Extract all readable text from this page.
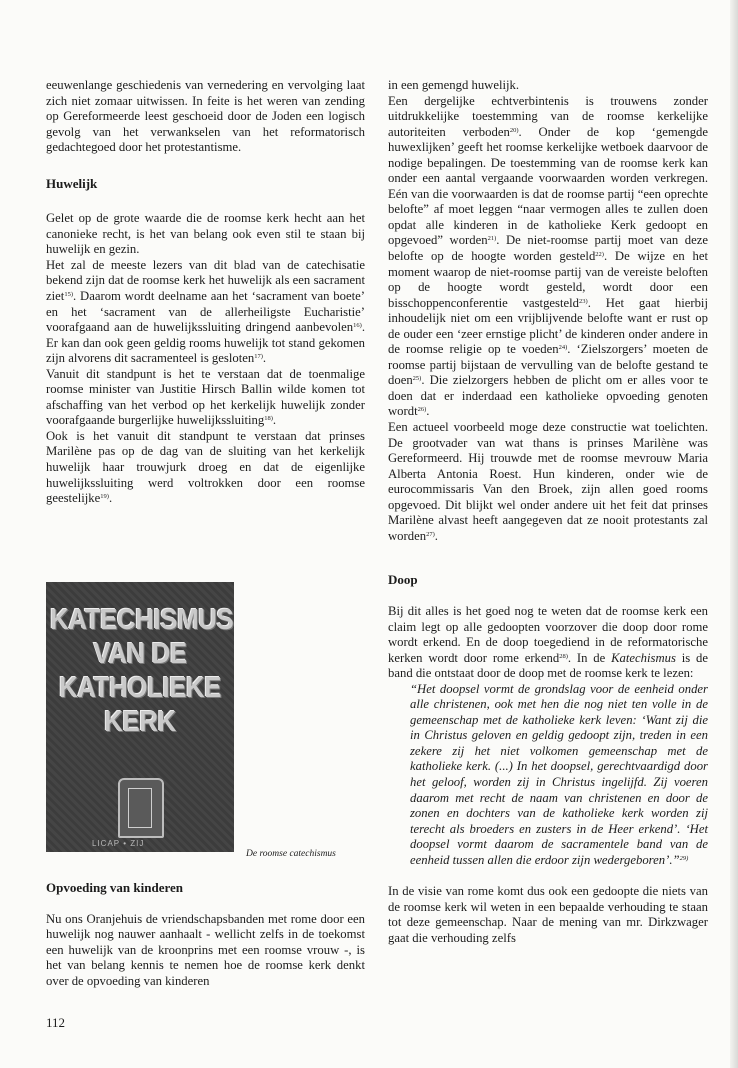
eeuwenlange geschiedenis van vernedering en vervolging laat zich niet zomaar uitwissen. In feite is het weren van zending op Gereformeerde leest geschoeid door de Joden een logisch gevolg van het verwankselen van het reformatorisch gedachtegoed door het protestantisme.

Huwelijk

Gelet op de grote waarde die de roomse kerk hecht aan het canonieke recht, is het van belang ook even stil te staan bij huwelijk en gezin.

Het zal de meeste lezers van dit blad van de catechisatie bekend zijn dat de roomse kerk het huwelijk als een sacrament ziet$^{15)}$. Daarom wordt deelname aan het ‘sacrament van boete’ en het ‘sacrament van de allerheiligste Eucharistie’ voorafgaand aan de huwelijkssluiting dringend aanbevolen$^{16)}$. Er kan dan ook geen geldig rooms huwelijk tot stand gekomen zijn alvorens dit sacramenteel is gesloten$^{17)}$.

Vanuit dit standpunt is het te verstaan dat de toenmalige roomse minister van Justitie Hirsch Ballin wilde komen tot afschaffing van het verbod op het kerkelijk huwelijk zonder voorafgaande burgerlijke huwelijkssluiting$^{18)}$.

Ook is het vanuit dit standpunt te verstaan dat prinses Marilène pas op de dag van de sluiting van het kerkelijk huwelijk haar trouwjurk droeg en dat de eigenlijke huwelijkssluiting werd voltrokken door een roomse geestelijke$^{19)}$.

KATECHISMUS
VAN DE
KATHOLIEKE
KERK
LICAP • ZIJ
De roomse catechismus
Opvoeding van kinderen

Nu ons Oranjehuis de vriendschapsbanden met rome door een huwelijk nog nauwer aanhaalt - wellicht zelfs in de toekomst een huwelijk van de kroonprins met een roomse vrouw -, is het van belang kennis te nemen hoe de roomse kerk denkt over de opvoeding van kinderen

in een gemengd huwelijk.

Een dergelijke echtverbintenis is trouwens zonder uitdrukkelijke toestemming van de roomse kerkelijke autoriteiten verboden$^{20)}$. Onder de kop ‘gemengde huwexlijken’ geeft het roomse kerkelijke wetboek daarvoor de nodige bepalingen. De toestemming van de roomse kerk kan onder een aantal vergaande voorwaarden worden verkregen. Eén van die voorwaarden is dat de roomse partij “een oprechte belofte” af moet leggen “naar vermogen alles te zullen doen opdat alle kinderen in de katholieke Kerk gedoopt en opgevoed” worden$^{21)}$. De niet-roomse partij moet van deze belofte op de hoogte worden gesteld$^{22)}$. De wijze en het moment waarop de niet-roomse partij van de vereiste beloften op de hoogte wordt gesteld, wordt door een bisschoppenconferentie vastgesteld$^{23)}$. Het gaat hierbij inhoudelijk niet om een vrijblijvende belofte want er rust op de ouder een ‘zeer ernstige plicht’ de kinderen onder andere in de roomse religie op te voeden$^{24)}$. ‘Zielszorgers’ moeten de roomse partij bijstaan de vervulling van de belofte gestand te doen$^{25)}$. Die zielzorgers hebben de plicht om er alles voor te doen dat er inderdaad een katholieke opvoeding genoten wordt$^{26)}$.

Een actueel voorbeeld moge deze constructie wat toelichten. De grootvader van wat thans is prinses Marilène was Gereformeerd. Hij trouwde met de roomse mevrouw Maria Alberta Antonia Roest. Hun kinderen, onder wie de eurocommissaris Van den Broek, zijn allen goed rooms opgevoed. Dit blijkt wel onder andere uit het feit dat prinses Marilène alvast heeft aangegeven dat ze nooit protestants zal worden$^{27)}$.

Doop

Bij dit alles is het goed nog te weten dat de roomse kerk een claim legt op alle gedoopten voorzover die doop door rome wordt erkend. En de doop toegediend in de reformatorische kerken wordt door rome erkend$^{28)}$. In de Katechismus is de band die ontstaat door de doop met de roomse kerk te lezen:

“Het doopsel vormt de grondslag voor de eenheid onder alle christenen, ook met hen die nog niet ten volle in de gemeenschap met de katholieke kerk leven: ‘Want zij die in Christus geloven en geldig gedoopt zijn, treden in een zekere zij het niet volkomen gemeenschap met de katholieke kerk. (...) In het doopsel, gerechtvaardigd door het geloof, worden zij in Christus ingelijfd. Zij voeren daarom met recht de naam van christenen en door de zonen en dochters van de katholieke kerk worden zij terecht als broeders en zusters in de Heer erkend’. ‘Het doopsel vormt daarom de sacramentele band van de eenheid tussen allen die erdoor zijn wedergeboren’.”$^{29)}$

In de visie van rome komt dus ook een gedoopte die niets van de roomse kerk wil weten in een bepaalde verhouding te staan tot deze gemeenschap. Naar de mening van mr. Dirkzwager gaat die verhouding zelfs

112
